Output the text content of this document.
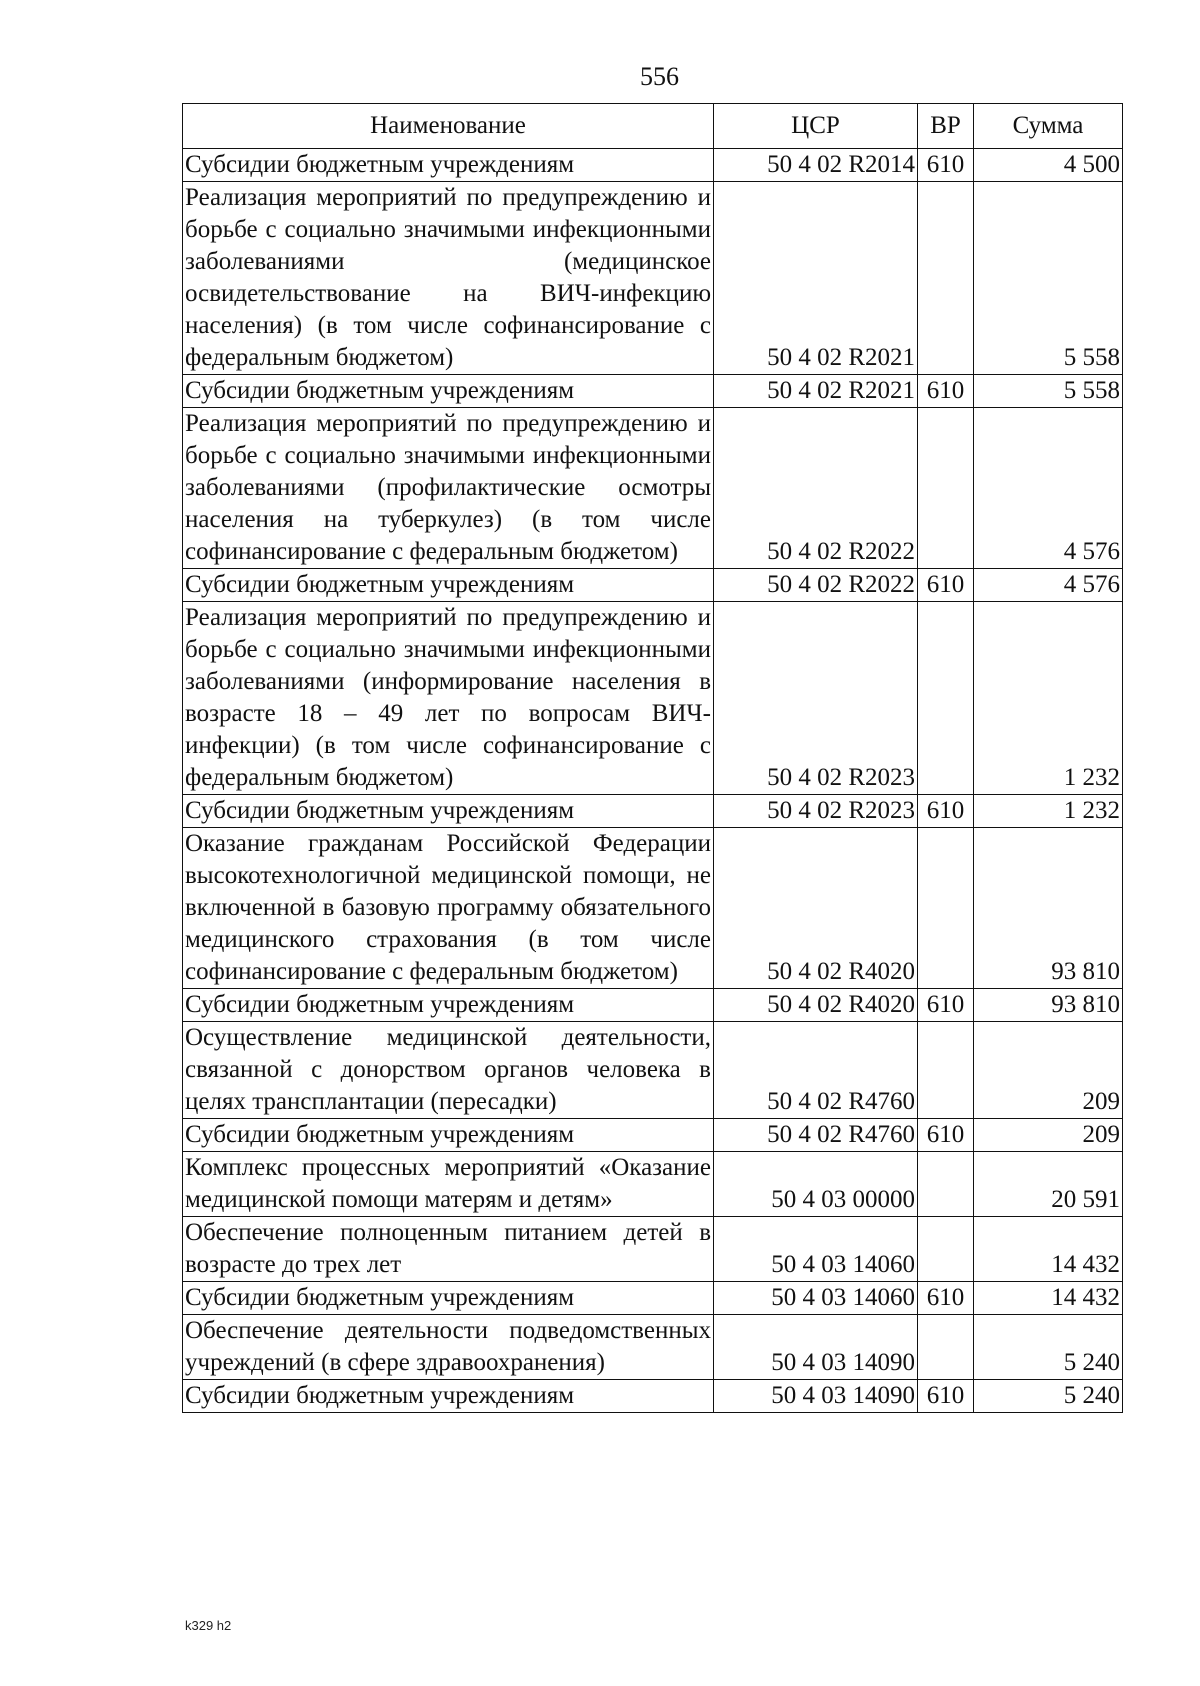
556
Наименование	ЦСР	ВР	Сумма
Субсидии бюджетным учреждениям	50 4 02 R2014	610	4 500
Реализация мероприятий по предупреждению и борьбе с социально значимыми инфекционными заболеваниями (медицинское освидетельствование на ВИЧ-инфекцию населения) (в том числе софинансирование с федеральным бюджетом)	50 4 02 R2021		5 558
Субсидии бюджетным учреждениям	50 4 02 R2021	610	5 558
Реализация мероприятий по предупреждению и борьбе с социально значимыми инфекционными заболеваниями (профилактические осмотры населения на туберкулез) (в том числе софинансирование с федеральным бюджетом)	50 4 02 R2022		4 576
Субсидии бюджетным учреждениям	50 4 02 R2022	610	4 576
Реализация мероприятий по предупреждению и борьбе с социально значимыми инфекционными заболеваниями (информирование населения в возрасте 18 – 49 лет по вопросам ВИЧ-инфекции) (в том числе софинансирование с федеральным бюджетом)	50 4 02 R2023		1 232
Субсидии бюджетным учреждениям	50 4 02 R2023	610	1 232
Оказание гражданам Российской Федерации высокотехнологичной медицинской помощи, не включенной в базовую программу обязательного медицинского страхования (в том числе софинансирование с федеральным бюджетом)	50 4 02 R4020		93 810
Субсидии бюджетным учреждениям	50 4 02 R4020	610	93 810
Осуществление медицинской деятельности, связанной с донорством органов человека в целях трансплантации (пересадки)	50 4 02 R4760		209
Субсидии бюджетным учреждениям	50 4 02 R4760	610	209
Комплекс процессных мероприятий «Оказание медицинской помощи матерям и детям»	50 4 03 00000		20 591
Обеспечение полноценным питанием детей в возрасте до трех лет	50 4 03 14060		14 432
Субсидии бюджетным учреждениям	50 4 03 14060	610	14 432
Обеспечение деятельности подведомственных учреждений (в сфере здравоохранения)	50 4 03 14090		5 240
Субсидии бюджетным учреждениям	50 4 03 14090	610	5 240
k329 h2
